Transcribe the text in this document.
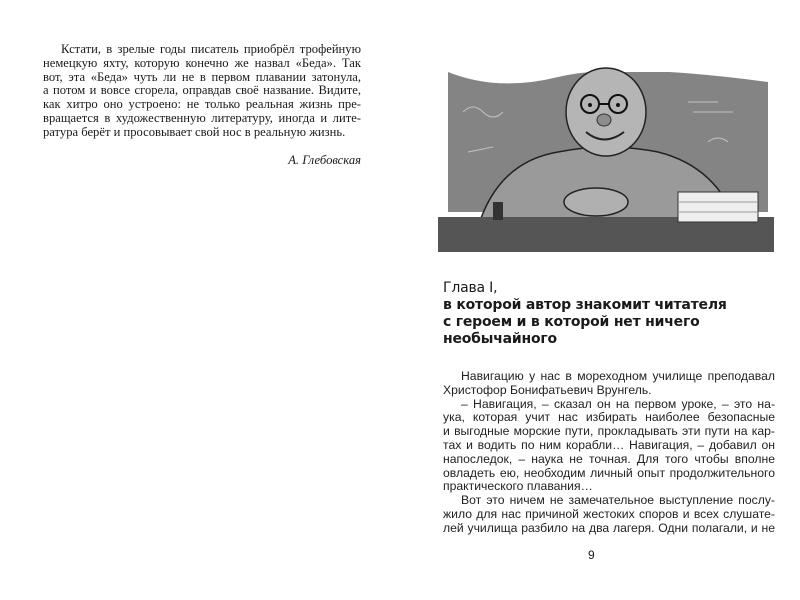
Кстати, в зрелые годы писатель приобрёл трофейную
немецкую яхту, которую конечно же назвал «Беда». Так
вот, эта «Беда» чуть ли не в первом плавании затонула,
а потом и вовсе сгорела, оправдав своё название. Видите,
как хитро оно устроено: не только реальная жизнь пре-
вращается в художественную литературу, иногда и лите-
ратура берёт и просовывает свой нос в реальную жизнь.
А. Глебовская
Глава I,
в которой автор знакомит читателя
с героем и в которой нет ничего
необычайного
Навигацию у нас в мореходном училище преподавал
Христофор Бонифатьевич Врунгель.
– Навигация, – сказал он на первом уроке, – это на-
ука, которая учит нас избирать наиболее безопасные
и выгодные морские пути, прокладывать эти пути на кар-
тах и водить по ним корабли… Навигация, – добавил он
напоследок, – наука не точная. Для того чтобы вполне
овладеть ею, необходим личный опыт продолжительного
практического плавания…
Вот это ничем не замечательное выступление послу-
жило для нас причиной жестоких споров и всех слушате-
лей училища разбило на два лагеря. Одни полагали, и не
9
